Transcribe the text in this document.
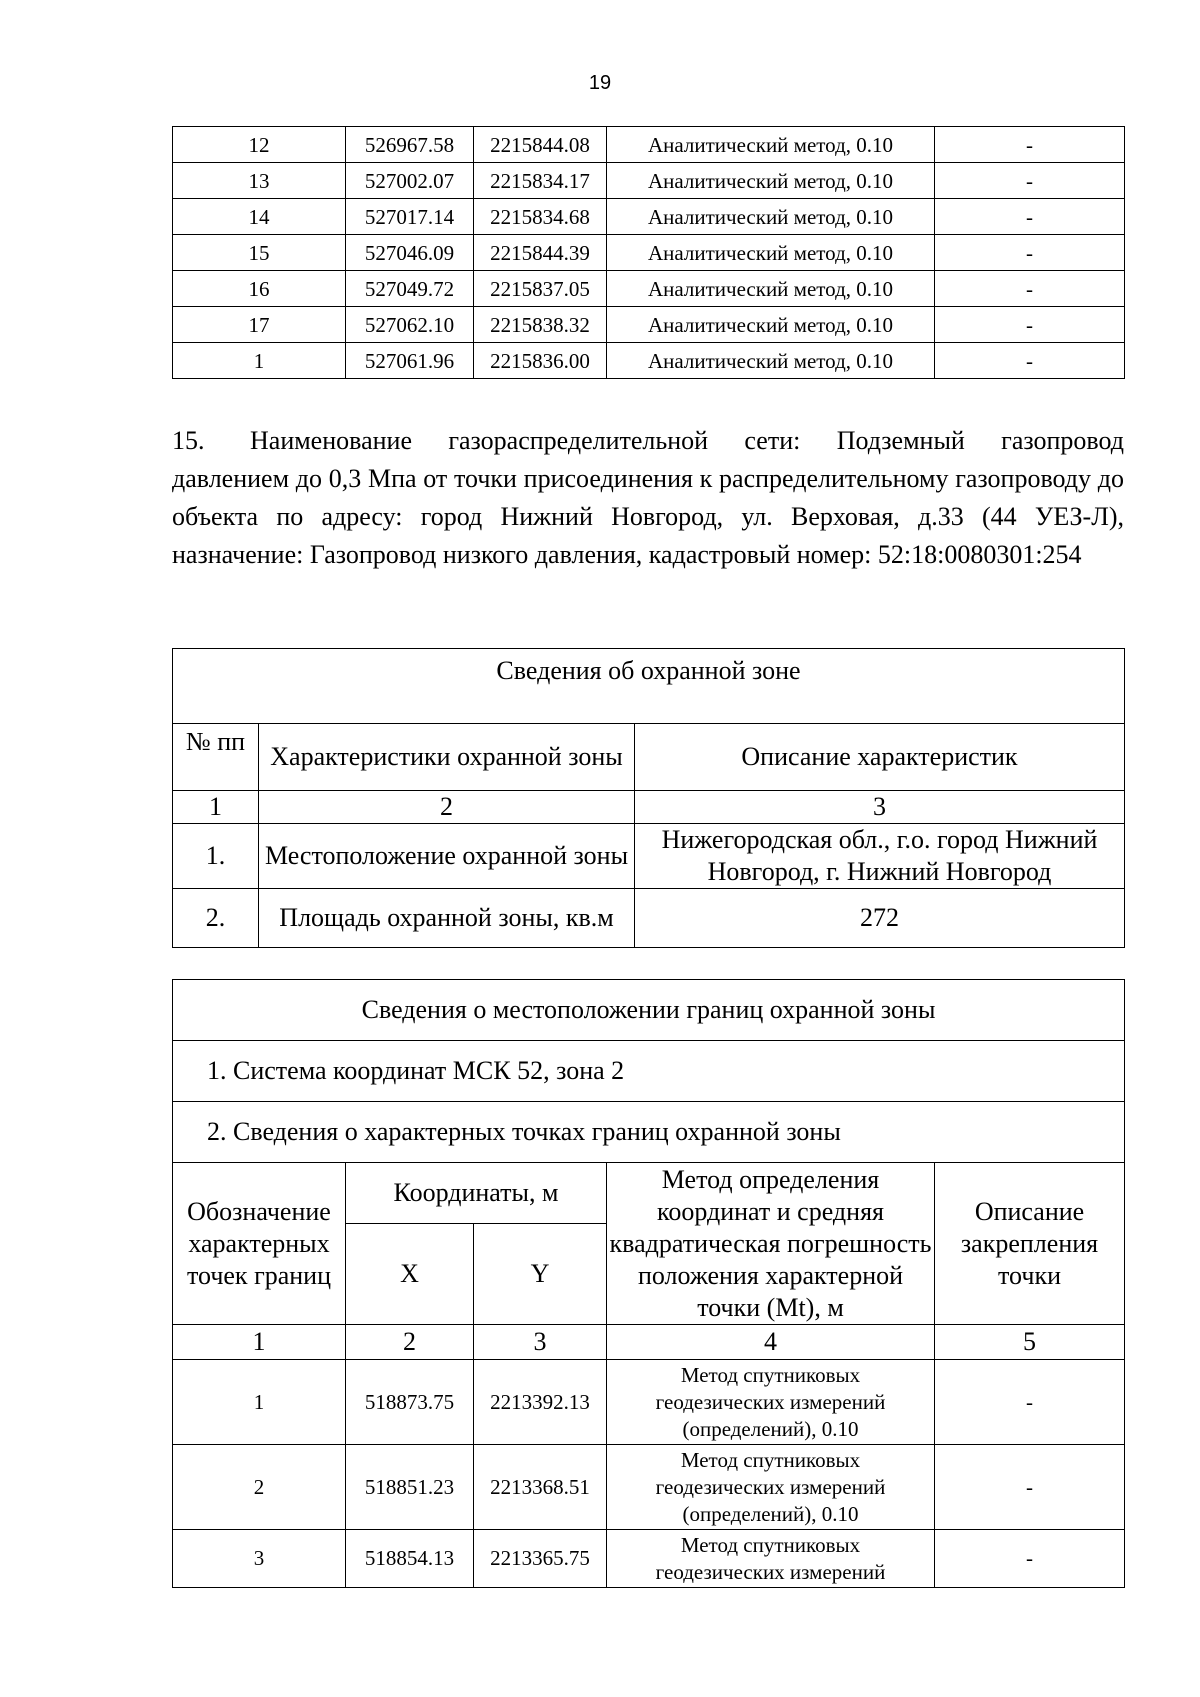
19
12	526967.58	2215844.08	Аналитический метод, 0.10	-
13	527002.07	2215834.17	Аналитический метод, 0.10	-
14	527017.14	2215834.68	Аналитический метод, 0.10	-
15	527046.09	2215844.39	Аналитический метод, 0.10	-
16	527049.72	2215837.05	Аналитический метод, 0.10	-
17	527062.10	2215838.32	Аналитический метод, 0.10	-
1	527061.96	2215836.00	Аналитический метод, 0.10	-
15. Наименование газораспределительной сети: Подземный газопровод давлением до 0,3 Мпа от точки присоединения к распределительному газопроводу до объекта по адресу: город Нижний Новгород, ул. Верховая, д.33 (44 УЕЗ-Л), назначение: Газопровод низкого давления, кадастровый номер: 52:18:0080301:254
Сведения об охранной зоне		
№ пп	Характеристики охранной зоны	Описание характеристик
1	2	3
1.	Местоположение охранной зоны	Нижегородская обл., г.о. город Нижний Новгород, г. Нижний Новгород
2.	Площадь охранной зоны, кв.м	272
Сведения о местоположении границ охранной зоны				
1. Система координат МСК 52, зона 2				
2. Сведения о характерных точках границ охранной зоны				
Обозначение характерных точек границ	Координаты, м		Метод определения координат и средняя квадратическая погрешность положения характерной точки (Mt), м	Описание закрепления точки
	X	Y		
1	2	3	4	5
1	518873.75	2213392.13	Метод спутниковых геодезических измерений (определений), 0.10	-
2	518851.23	2213368.51	Метод спутниковых геодезических измерений (определений), 0.10	-
3	518854.13	2213365.75	Метод спутниковых геодезических измерений	-
